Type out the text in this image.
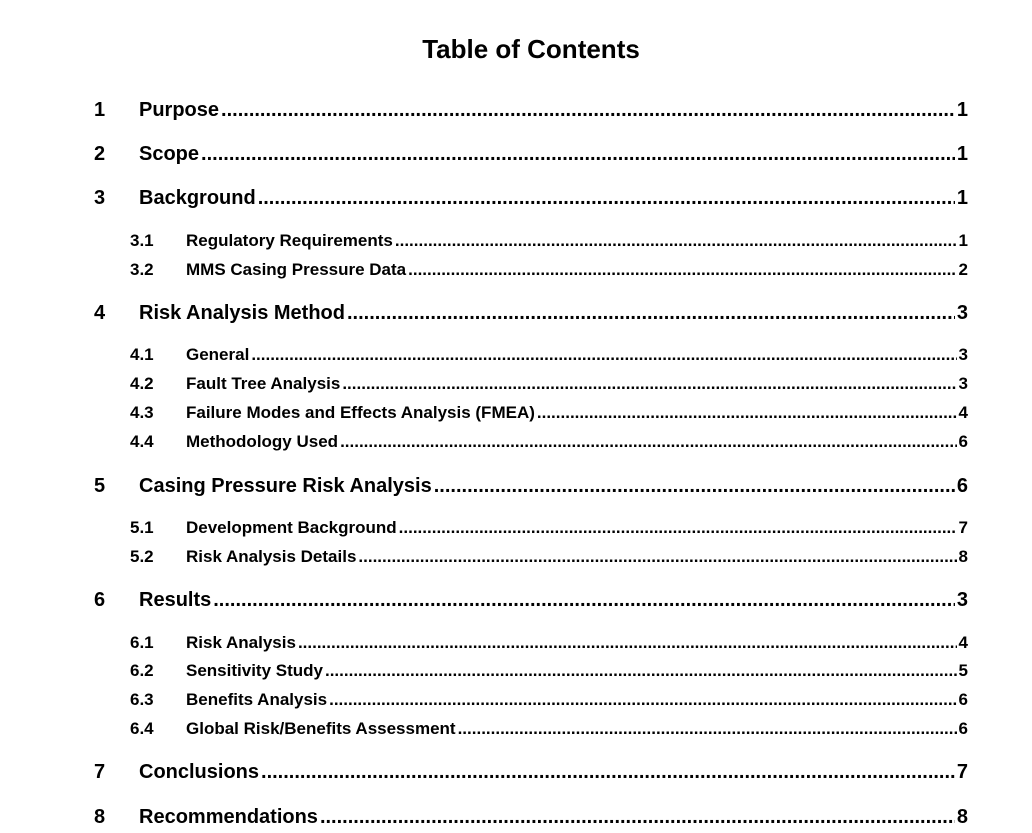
Table of Contents
1	Purpose .....	1
2	Scope .....	1
3	Background .....	1
3.1	Regulatory Requirements .....	1
3.2	MMS Casing Pressure Data .....	2
4	Risk Analysis Method .....	3
4.1	General .....	3
4.2	Fault Tree Analysis .....	3
4.3	Failure Modes and Effects Analysis (FMEA) .....	4
4.4	Methodology Used .....	6
5	Casing Pressure Risk Analysis .....	6
5.1	Development Background .....	7
5.2	Risk Analysis Details .....	8
6	Results .....	3
6.1	Risk Analysis .....	4
6.2	Sensitivity Study .....	5
6.3	Benefits Analysis .....	6
6.4	Global Risk/Benefits Assessment .....	6
7	Conclusions .....	7
8	Recommendations .....	8
